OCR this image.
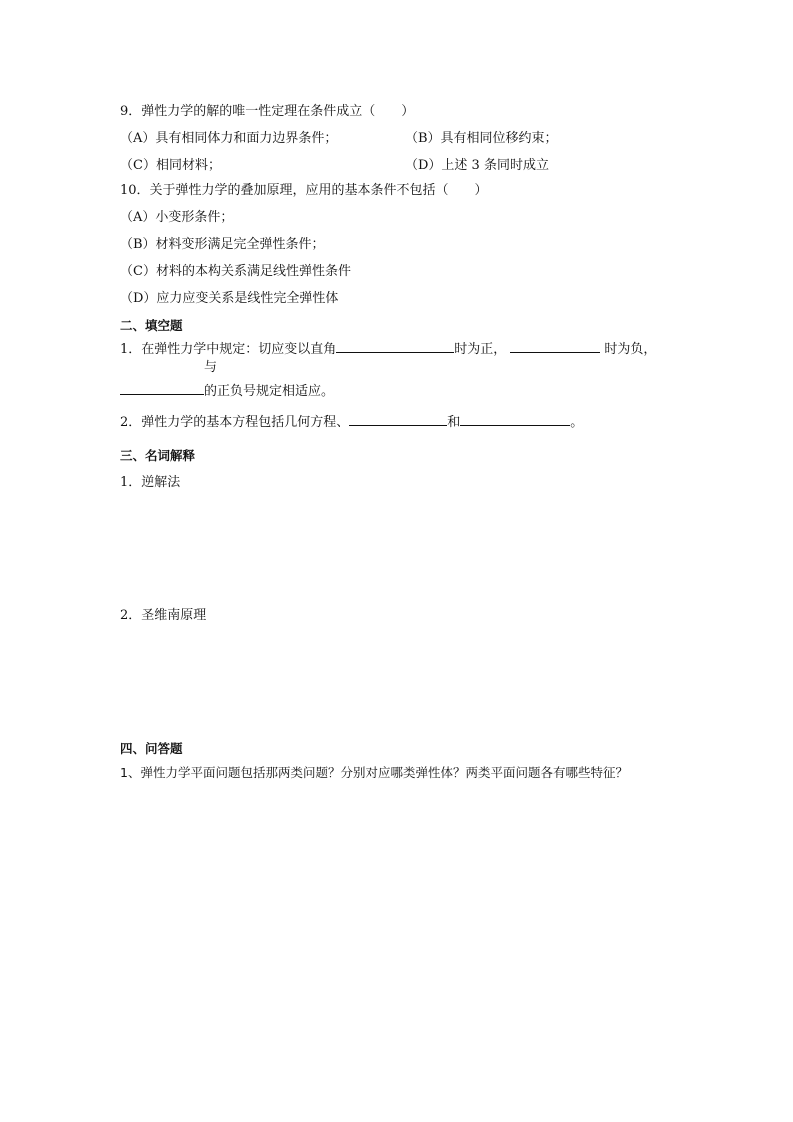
9．弹性力学的解的唯一性定理在条件成立（　　）
（A）具有相同体力和面力边界条件；	（B）具有相同位移约束；
（C）相同材料；	（D）上述 3 条同时成立
10．关于弹性力学的叠加原理，应用的基本条件不包括（　　）
（A）小变形条件；
（B）材料变形满足完全弹性条件；
（C）材料的本构关系满足线性弹性条件
（D）应力应变关系是线性完全弹性体
二、填空题
1．在弹性力学中规定：切应变以直角	时为正，	时为负，
与
的正负号规定相适应。
2．弹性力学的基本方程包括几何方程、	和	。
三、名词解释
1．逆解法
2．圣维南原理
四、问答题
1、弹性力学平面问题包括那两类问题？分别对应哪类弹性体？两类平面问题各有哪些特征？
